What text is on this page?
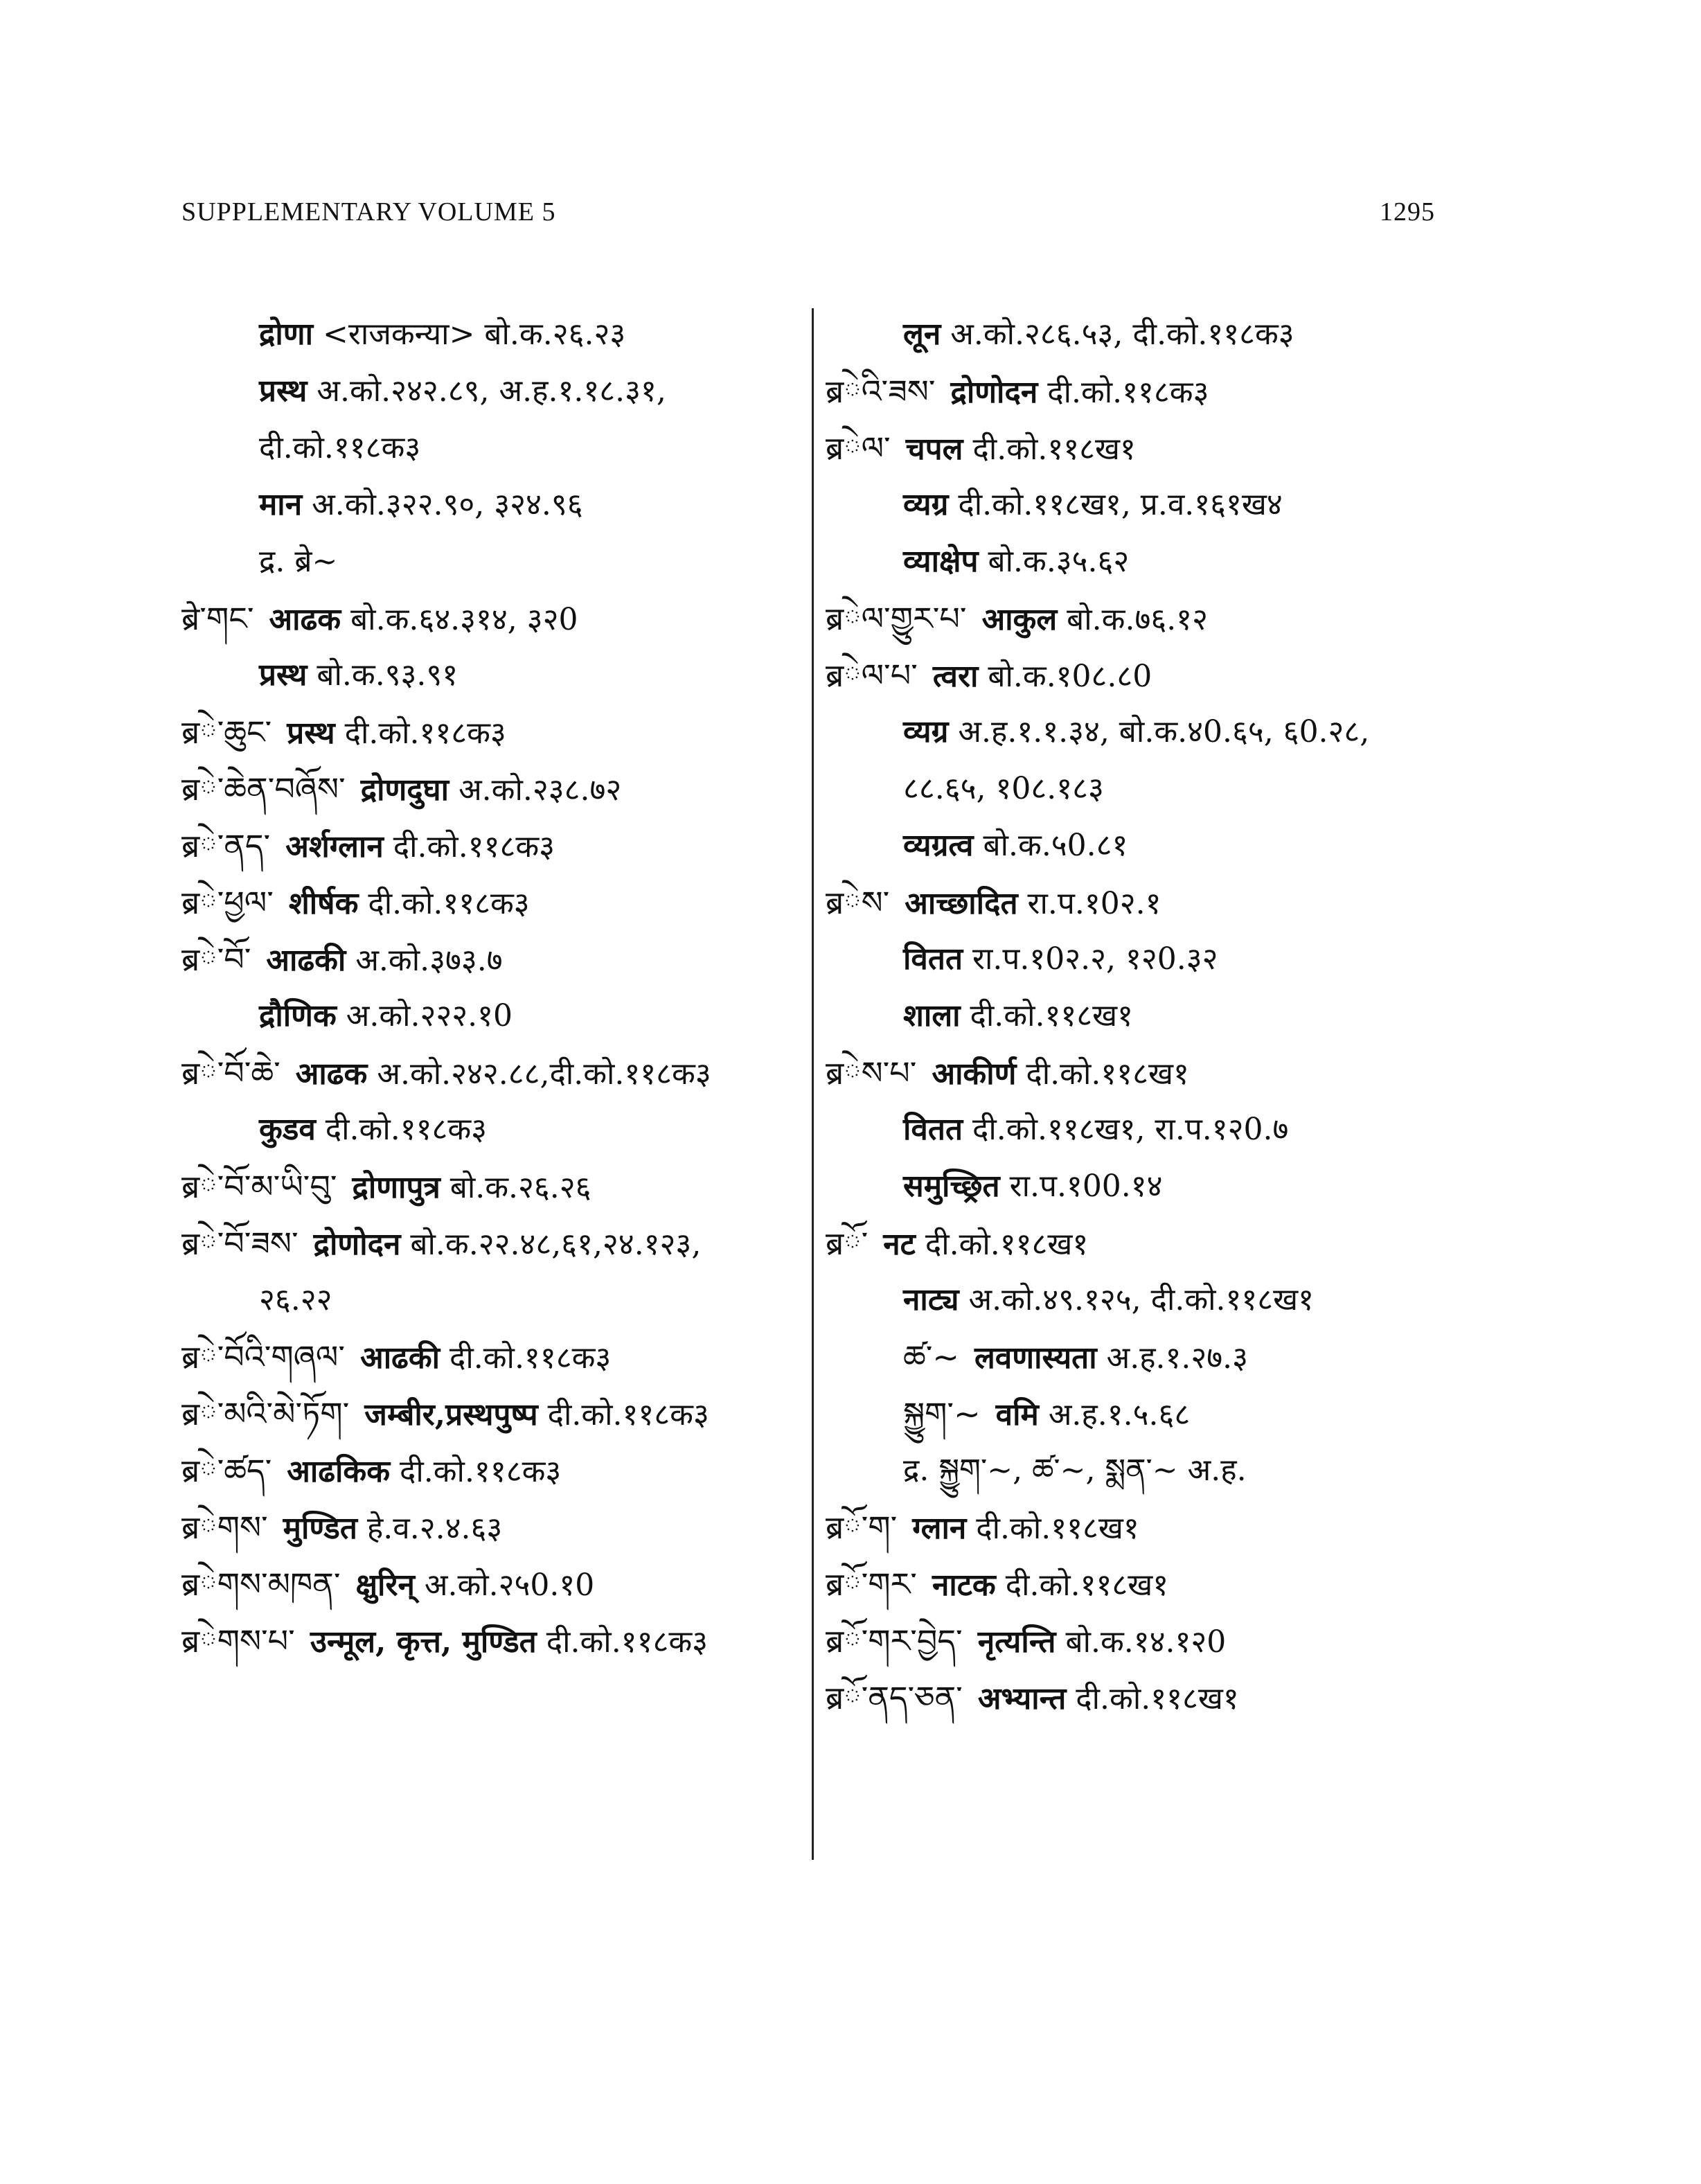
SUPPLEMENTARY VOLUME 5	1295
द्रोणा <राजकन्या> बो.क.२६.२३
प्रस्थ अ.को.२४२.८९, अ.ह.१.१८.३१,
दी.को.११८क३
मान अ.को.३२२.९०, ३२४.९६
द्र. ब्रे~
ब्रे་གང་ आढक बो.क.६४.३१४, ३२0
प्रस्थ बो.क.९३.९१
ब्रེ་ཆུང་ प्रस्थ दी.को.११८क३
ब्रེ་ཆེན་བཞོས་ द्रोणदुघा अ.को.२३८.७२
ब्रེ་ནད་ अर्शग्लान दी.को.११८क३
ब्रེ་ཕྱལ་ शीर्षक दी.को.११८क३
ब्रེ་བོ་ आढकी अ.को.३७३.७
द्रौणिक अ.को.२२२.१0
ब्रེ་བོ་ཆེ་ आढक अ.को.२४२.८८,दी.को.११८क३
कुडव दी.को.११८क३
ब्रེ་བོ་མ་ཡི་བུ་ द्रोणापुत्र बो.क.२६.२६
ब्रེ་བོ་ཟས་ द्रोणोदन बो.क.२२.४८,६१,२४.१२३,
२६.२२
ब्रེ་བོའི་གཞལ་ आढकी दी.को.११८क३
ब्रེ་མའི་མེ་ཏོག་ जम्बीर,प्रस्थपुष्प दी.को.११८क३
ब्रེ་ཚད་ आढकिक दी.को.११८क३
ब्रེགས་ मुण्डित हे.व.२.४.६३
ब्रེགས་མཁན་ क्षुरिन् अ.को.२५0.१0
ब्रེགས་པ་ उन्मूल, कृत्त, मुण्डित दी.को.११८क३
लून अ.को.२८६.५३, दी.को.११८क३
ब्रེའི་ཟས་ द्रोणोदन दी.को.११८क३
ब्रེལ་ चपल दी.को.११८ख१
व्यग्र दी.को.११८ख१, प्र.व.१६१ख४
व्याक्षेप बो.क.३५.६२
ब्रེལ་གྱུར་པ་ आकुल बो.क.७६.१२
ब्रེལ་པ་ त्वरा बो.क.१0८.८0
व्यग्र अ.ह.१.१.३४, बो.क.४0.६५, ६0.२८,
८८.६५, १0८.१८३
व्यग्रत्व बो.क.५0.८१
ब्रེས་ आच्छादित रा.प.१0२.१
वितत रा.प.१0२.२, १२0.३२
शाला दी.को.११८ख१
ब्रེས་པ་ आकीर्ण दी.को.११८ख१
वितत दी.को.११८ख१, रा.प.१२0.७
समुच्छ्रित रा.प.१00.१४
ब्रོ་ नट दी.को.११८ख१
नाट्य अ.को.४९.१२५, दी.को.११८ख१
ཚ་~ लवणास्यता अ.ह.१.२७.३
སྐྱུག་~ वमि अ.ह.१.५.६८
द्र. སྐྱུག་~, ཚ་~, སྨན་~ अ.ह.
ब्रོ་ག་ ग्लान दी.को.११८ख१
ब्रོ་གར་ नाटक दी.को.११८ख१
ब्रོ་གར་བྱེད་ नृत्यन्ति बो.क.१४.१२0
ब्रོ་ནད་ཅན་ अभ्यान्त दी.को.११८ख१
